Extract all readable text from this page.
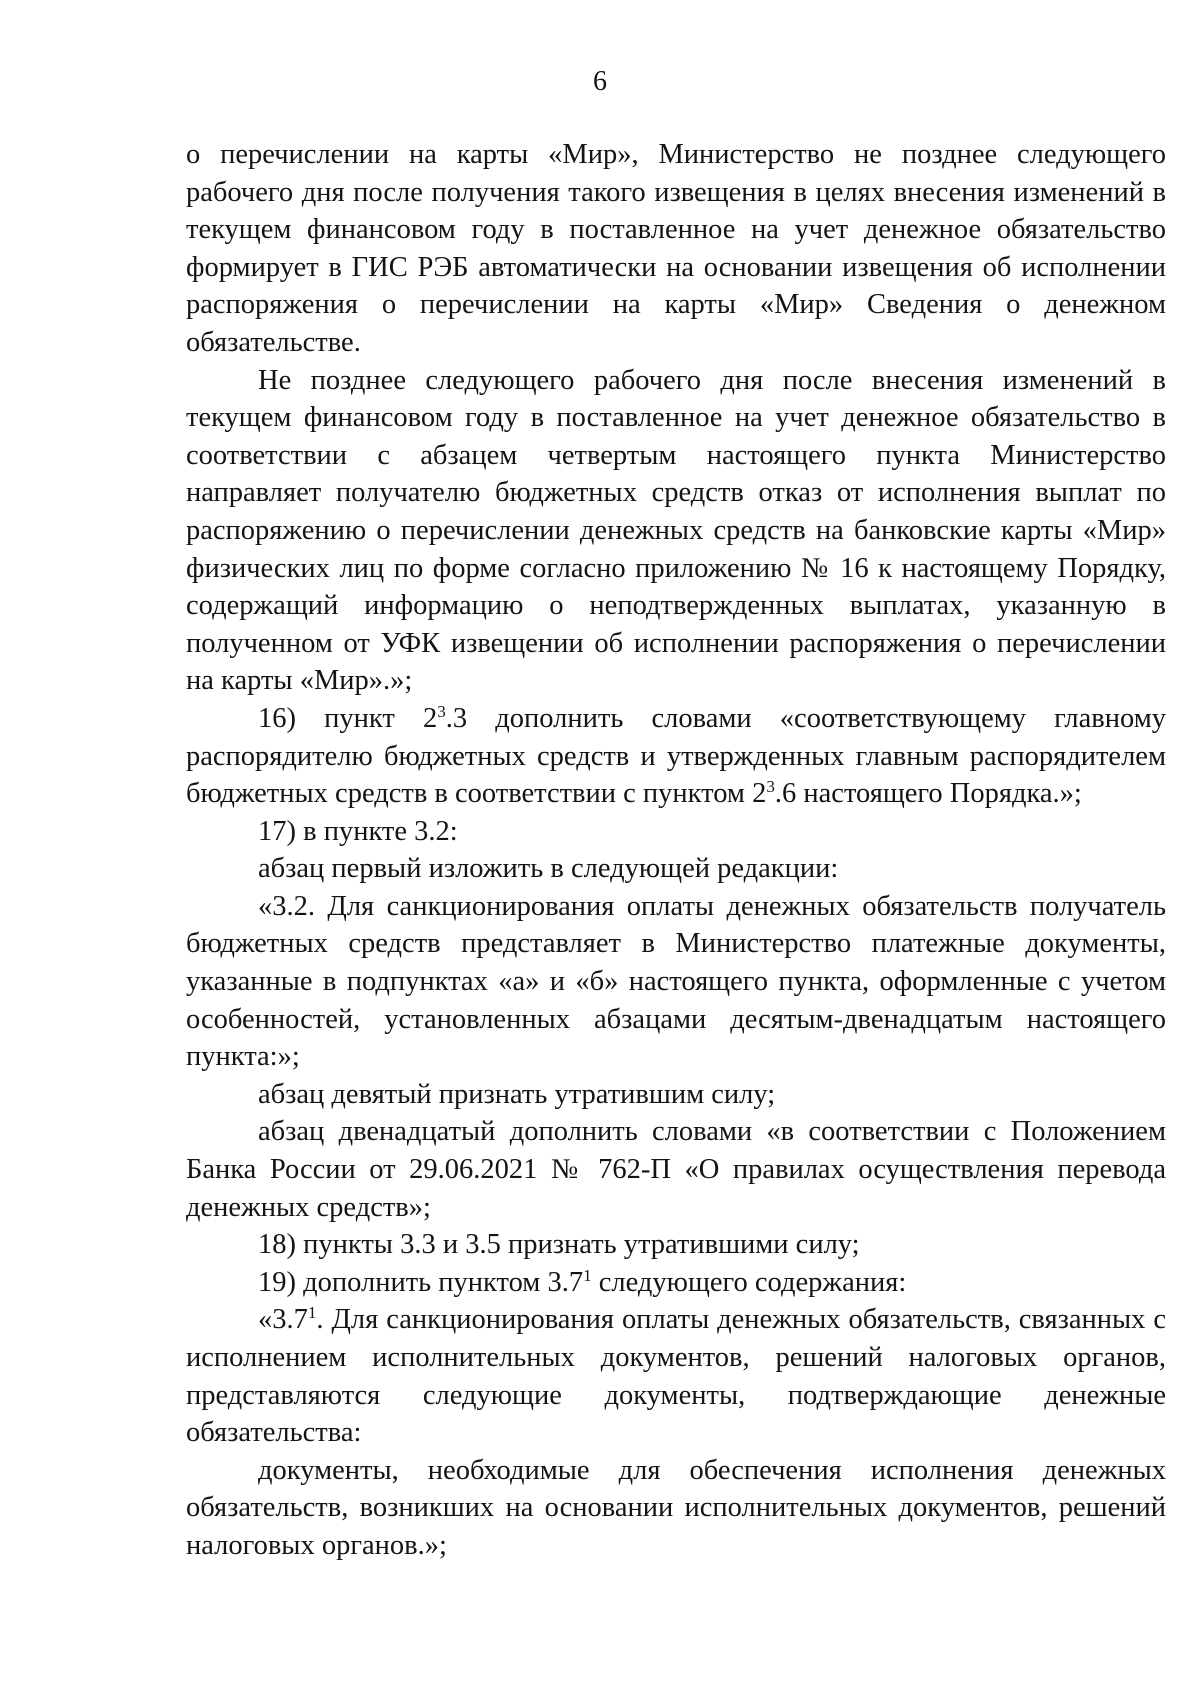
6

о перечислении на карты «Мир», Министерство не позднее следующего рабочего дня после получения такого извещения в целях внесения изменений в текущем финансовом году в поставленное на учет денежное обязательство формирует в ГИС РЭБ автоматически на основании извещения об исполнении распоряжения о перечислении на карты «Мир» Сведения о денежном обязательстве.

Не позднее следующего рабочего дня после внесения изменений в текущем финансовом году в поставленное на учет денежное обязательство в соответствии с абзацем четвертым настоящего пункта Министерство направляет получателю бюджетных средств отказ от исполнения выплат по распоряжению о перечислении денежных средств на банковские карты «Мир» физических лиц по форме согласно приложению № 16 к настоящему Порядку, содержащий информацию о неподтвержденных выплатах, указанную в полученном от УФК извещении об исполнении распоряжения о перечислении на карты «Мир».»;

16) пункт $2^3.3$ дополнить словами «соответствующему главному распорядителю бюджетных средств и утвержденных главным распорядителем бюджетных средств в соответствии с пунктом $2^3.6$ настоящего Порядка.»;

17) в пункте 3.2:

абзац первый изложить в следующей редакции:

«3.2. Для санкционирования оплаты денежных обязательств получатель бюджетных средств представляет в Министерство платежные документы, указанные в подпунктах «а» и «б» настоящего пункта, оформленные с учетом особенностей, установленных абзацами десятым-двенадцатым настоящего пункта:»;

абзац девятый признать утратившим силу;

абзац двенадцатый дополнить словами «в соответствии с Положением Банка России от 29.06.2021 № 762-П «О правилах осуществления перевода денежных средств»;

18) пункты 3.3 и 3.5 признать утратившими силу;

19) дополнить пунктом $3.7^1$ следующего содержания:

«$3.7^1$. Для санкционирования оплаты денежных обязательств, связанных с исполнением исполнительных документов, решений налоговых органов, представляются следующие документы, подтверждающие денежные обязательства:

документы, необходимые для обеспечения исполнения денежных обязательств, возникших на основании исполнительных документов, решений налоговых органов.»;
